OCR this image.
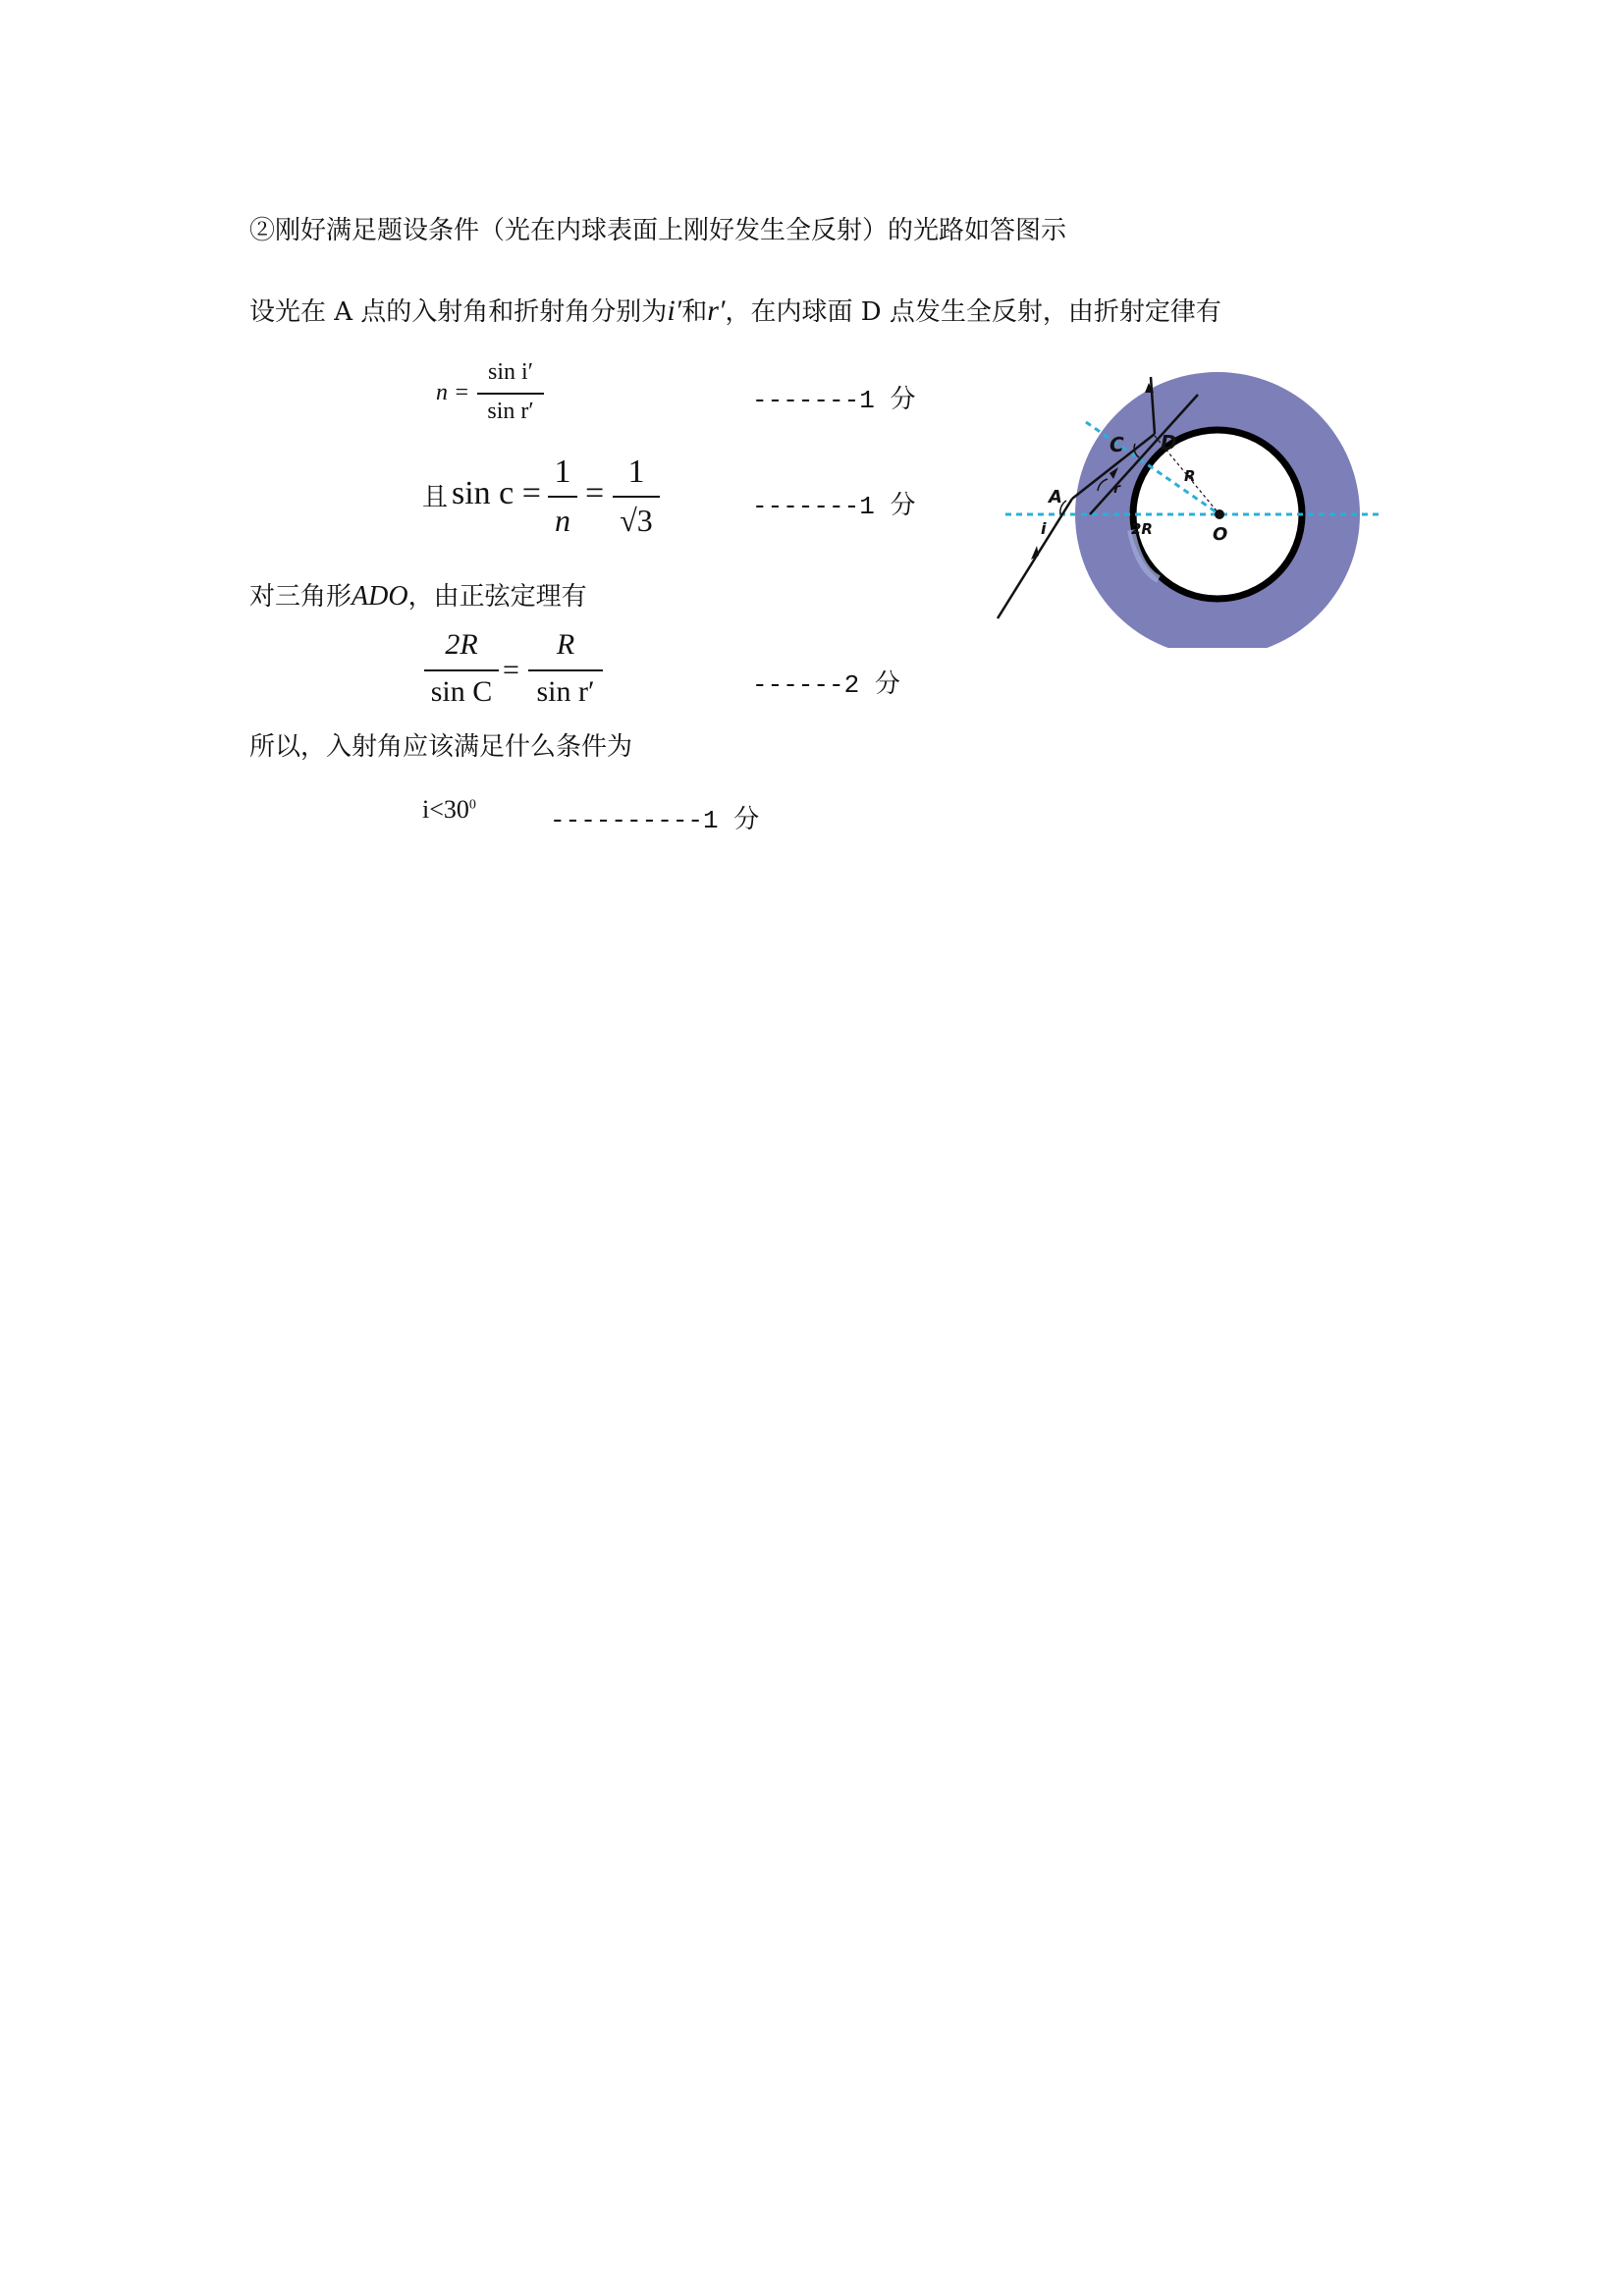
②刚好满足题设条件（光在内球表面上刚好发生全反射）的光路如答图示
设光在 A 点的入射角和折射角分别为i′和r′，在内球面 D 点发生全反射，由折射定律有
n =
sin i′
sin r′	-------1 分
且 sin c =
1
n
=
1
√3	-------1 分
对三角形ADO，由正弦定理有
2R
sin C
=
R
sin r′	------2 分
所以，入射角应该满足什么条件为
$i<30^0$
----------1 分
A
i
C D
r
R
2R	O
